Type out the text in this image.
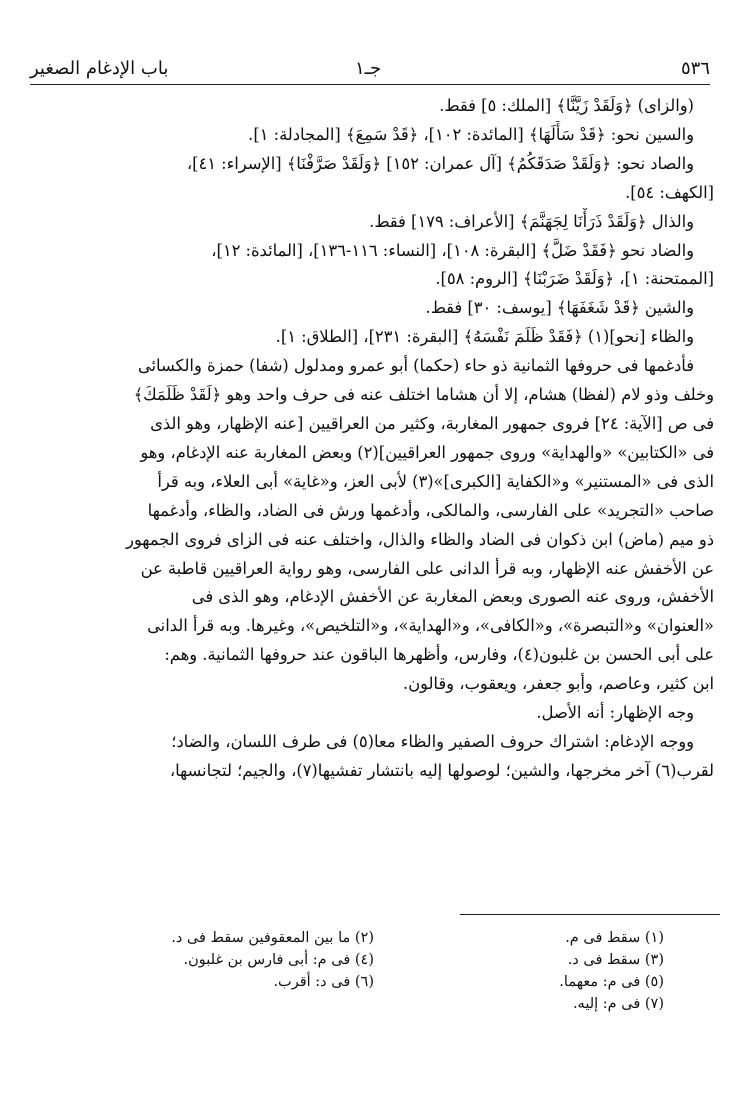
٥٣٦
جـ١
باب الإدغام الصغير
(والزاى) ﴿وَلَقَدْ زَيَّنَّا﴾ [الملك: ٥] فقط.
والسين نحو: ﴿قَدْ سَأَلَهَا﴾ [المائدة: ١٠٢]، ﴿قَدْ سَمِعَ﴾ [المجادلة: ١].
والصاد نحو: ﴿وَلَقَدْ صَدَقَكُمُ﴾ [آل عمران: ١٥٢] ﴿وَلَقَدْ صَرَّفْنَا﴾ [الإسراء: ٤١]،
[الكهف: ٥٤].
والذال ﴿وَلَقَدْ ذَرَأْنَا لِجَهَنَّمَ﴾ [الأعراف: ١٧٩] فقط.
والضاد نحو ﴿فَقَدْ ضَلَّ﴾ [البقرة: ١٠٨]، [النساء: ١١٦-١٣٦]، [المائدة: ١٢]،
[الممتحنة: ١]، ﴿وَلَقَدْ ضَرَبْنَا﴾ [الروم: ٥٨].
والشين ﴿قَدْ شَغَفَهَا﴾ [يوسف: ٣٠] فقط.
والظاء [نحو](١) ﴿فَقَدْ ظَلَمَ نَفْسَهُ﴾ [البقرة: ٢٣١]، [الطلاق: ١].
فأدغمها فى حروفها الثمانية ذو حاء (حكما) أبو عمرو ومدلول (شفا) حمزة والكسائى
وخلف وذو لام (لفظا) هشام، إلا أن هشاما اختلف عنه فى حرف واحد وهو ﴿لَقَدْ ظَلَمَكَ﴾
فى ص [الآية: ٢٤] فروى جمهور المغاربة، وكثير من العراقيين [عنه الإظهار، وهو الذى
فى «الكتابين» «والهداية» وروى جمهور العراقيين](٢) وبعض المغاربة عنه الإدغام، وهو
الذى فى «المستنير» و«الكفاية [الكبرى]»(٣) لأبى العز، و«غاية» أبى العلاء، وبه قرأ
صاحب «التجريد» على الفارسى، والمالكى، وأدغمها ورش فى الضاد، والظاء، وأدغمها
ذو ميم (ماض) ابن ذكوان فى الضاد والظاء والذال، واختلف عنه فى الزاى فروى الجمهور
عن الأخفش عنه الإظهار، وبه قرأ الدانى على الفارسى، وهو رواية العراقيين قاطبة عن
الأخفش، وروى عنه الصورى وبعض المغاربة عن الأخفش الإدغام، وهو الذى فى
«العنوان» و«التبصرة»، و«الكافى»، و«الهداية»، و«التلخيص»، وغيرها. وبه قرأ الدانى
على أبى الحسن بن غلبون(٤)، وفارس، وأظهرها الباقون عند حروفها الثمانية. وهم:
ابن كثير، وعاصم، وأبو جعفر، ويعقوب، وقالون.
وجه الإظهار: أنه الأصل.
ووجه الإدغام: اشتراك حروف الصفير والظاء معا(٥) فى طرف اللسان، والضاد؛
لقرب(٦) آخر مخرجها، والشين؛ لوصولها إليه بانتشار تفشيها(٧)، والجيم؛ لتجانسها،
(١) سقط فى م.
(٣) سقط فى د.
(٥) فى م: معهما.
(٧) فى م: إليه.
(٢) ما بين المعقوفين سقط فى د.
(٤) فى م: أبى فارس بن غلبون.
(٦) فى د: أقرب.
